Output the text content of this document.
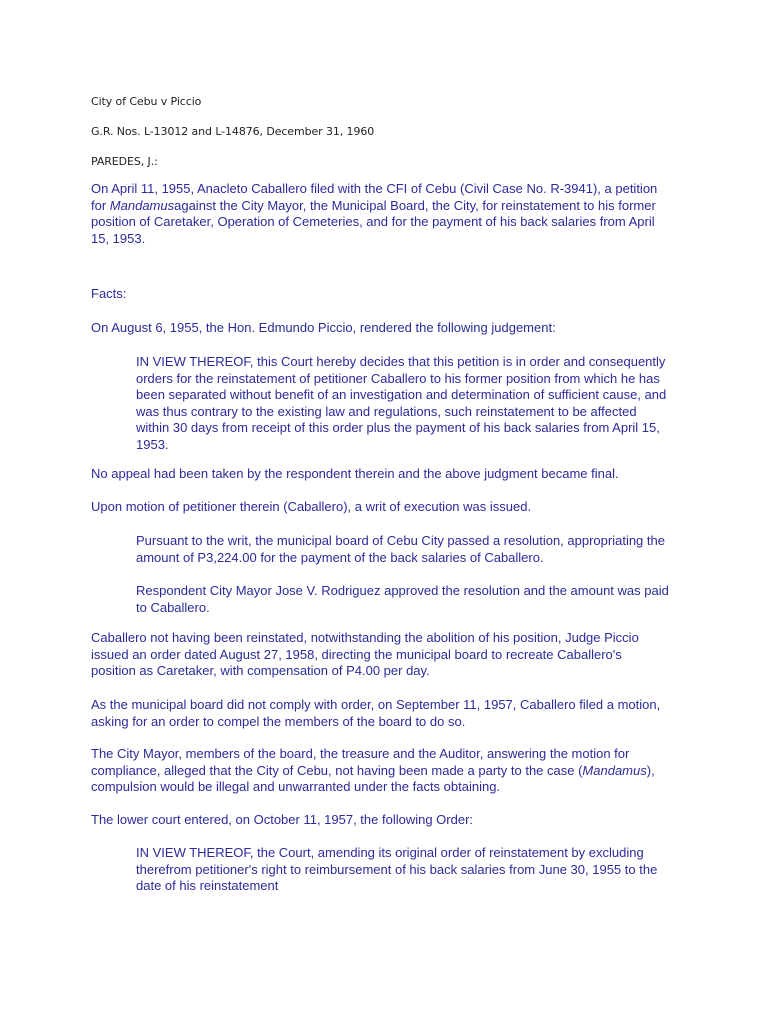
City of Cebu v Piccio

G.R. Nos. L-13012 and L-14876, December 31, 1960

PAREDES, J.:

On April 11, 1955, Anacleto Caballero filed with the CFI of Cebu (Civil Case No. R-3941), a petition
for Mandamusagainst the City Mayor, the Municipal Board, the City, for reinstatement to his former
position of Caretaker, Operation of Cemeteries, and for the payment of his back salaries from April
15, 1953.
Facts:
On August 6, 1955, the Hon. Edmundo Piccio, rendered the following judgement:
IN VIEW THEREOF, this Court hereby decides that this petition is in order and consequently
orders for the reinstatement of petitioner Caballero to his former position from which he has
been separated without benefit of an investigation and determination of sufficient cause, and
was thus contrary to the existing law and regulations, such reinstatement to be affected
within 30 days from receipt of this order plus the payment of his back salaries from April 15,
1953.
No appeal had been taken by the respondent therein and the above judgment became final.
Upon motion of petitioner therein (Caballero), a writ of execution was issued.
Pursuant to the writ, the municipal board of Cebu City passed a resolution, appropriating the
amount of P3,224.00 for the payment of the back salaries of Caballero.
Respondent City Mayor Jose V. Rodriguez approved the resolution and the amount was paid
to Caballero.
Caballero not having been reinstated, notwithstanding the abolition of his position, Judge Piccio
issued an order dated August 27, 1958, directing the municipal board to recreate Caballero's
position as Caretaker, with compensation of P4.00 per day.
As the municipal board did not comply with order, on September 11, 1957, Caballero filed a motion,
asking for an order to compel the members of the board to do so.
The City Mayor, members of the board, the treasure and the Auditor, answering the motion for
compliance, alleged that the City of Cebu, not having been made a party to the case (Mandamus),
compulsion would be illegal and unwarranted under the facts obtaining.
The lower court entered, on October 11, 1957, the following Order:
IN VIEW THEREOF, the Court, amending its original order of reinstatement by excluding
therefrom petitioner's right to reimbursement of his back salaries from June 30, 1955 to the
date of his reinstatement
